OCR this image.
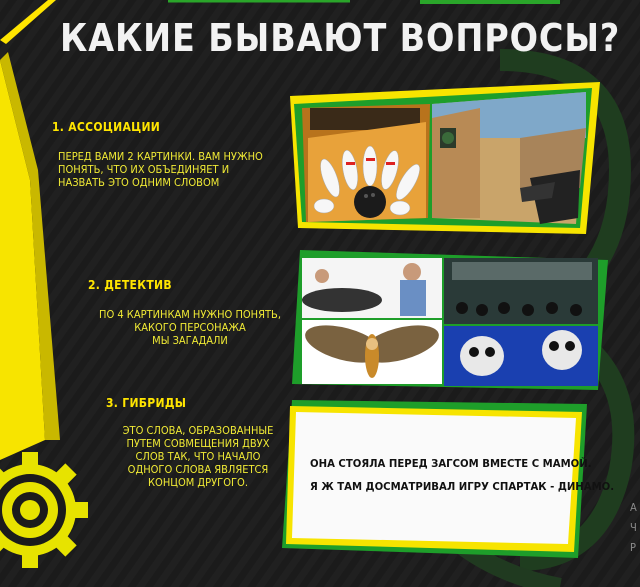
КАКИЕ БЫВАЮТ ВОПРОСЫ?
1. АССОЦИАЦИИ
ПЕРЕД ВАМИ 2 КАРТИНКИ. ВАМ НУЖНО
ПОНЯТЬ, ЧТО ИХ ОБЪЕДИНЯЕТ И
НАЗВАТЬ ЭТО ОДНИМ СЛОВОМ
2. ДЕТЕКТИВ
ПО 4 КАРТИНКАМ НУЖНО ПОНЯТЬ,
КАКОГО ПЕРСОНАЖА
МЫ ЗАГАДАЛИ
3. ГИБРИДЫ
ЭТО СЛОВА, ОБРАЗОВАННЫЕ
ПУТЕМ СОВМЕЩЕНИЯ ДВУХ
СЛОВ ТАК, ЧТО НАЧАЛО
ОДНОГО СЛОВА ЯВЛЯЕТСЯ
КОНЦОМ ДРУГОГО.
ОНА СТОЯЛА ПЕРЕД ЗАГСОМ ВМЕСТЕ С МАМОЙ.
Я Ж ТАМ ДОСМАТРИВАЛ ИГРУ СПАРТАК - ДИНАМО.
A
Ч
Р
